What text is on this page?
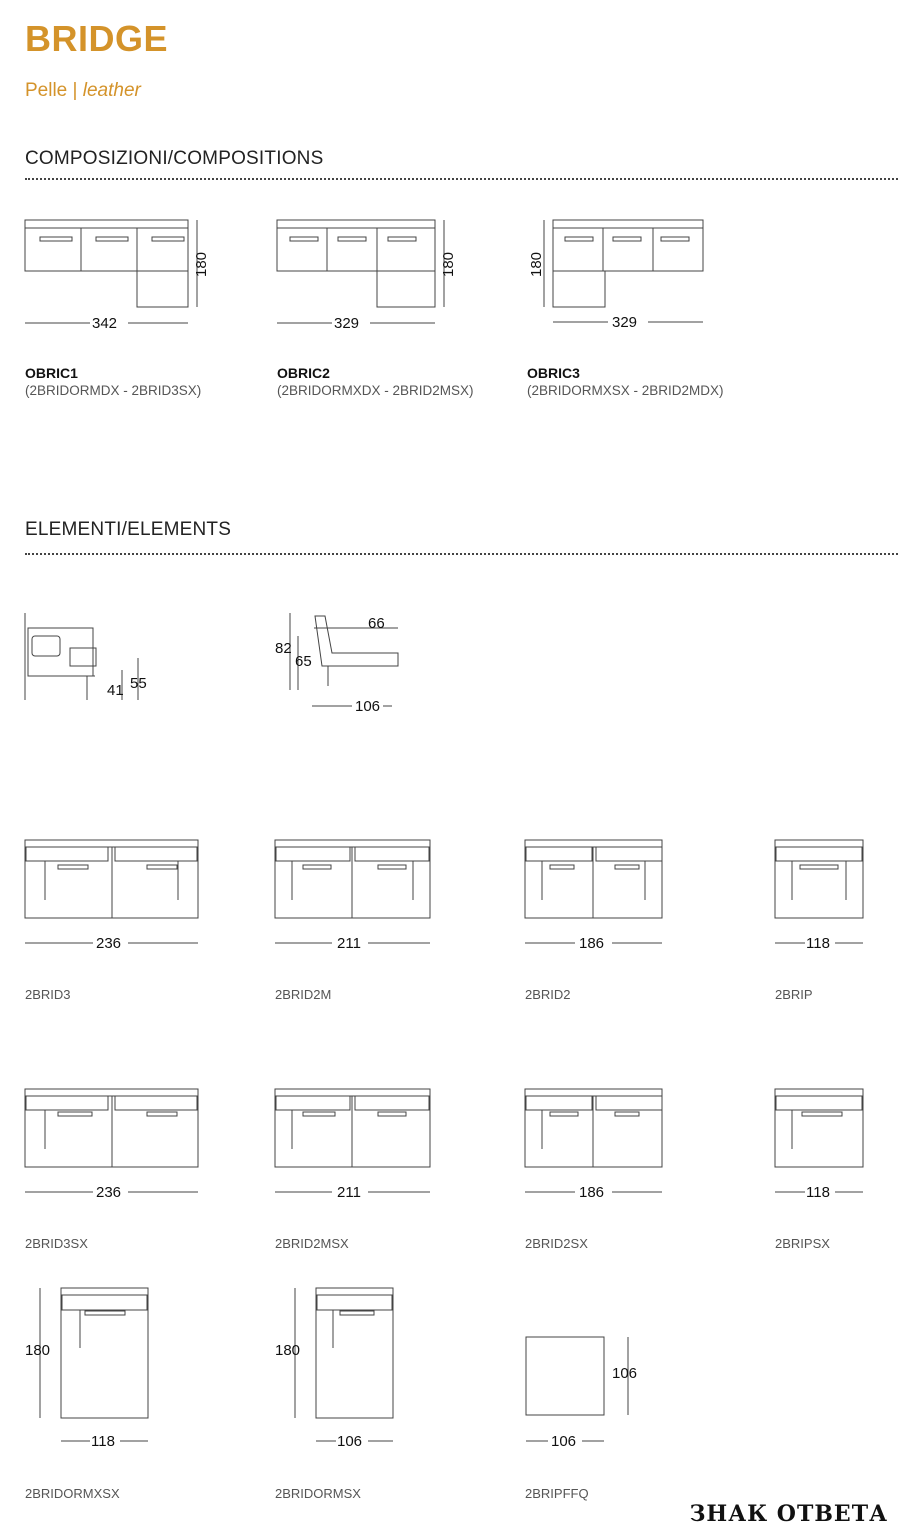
BRIDGE
Pelle | leather
COMPOSIZIONI/COMPOSITIONS
342
180
OBRIC1
(2BRIDORMDX - 2BRID3SX)
329
180
OBRIC2
(2BRIDORMXDX - 2BRID2MSX)
329
180
OBRIC3
(2BRIDORMXSX - 2BRID2MDX)
ELEMENTI/ELEMENTS
41 55
66
82
65
106
236
2BRID3
211
2BRID2M
186
2BRID2
118
2BRIP
236
2BRID3SX
211
2BRID2MSX
186
2BRID2SX
118
2BRIPSX
180
118
2BRIDORMXSX
180
106
2BRIDORMSX
106
106
2BRIPFFQ
ЗНАК ОТВЕТА
